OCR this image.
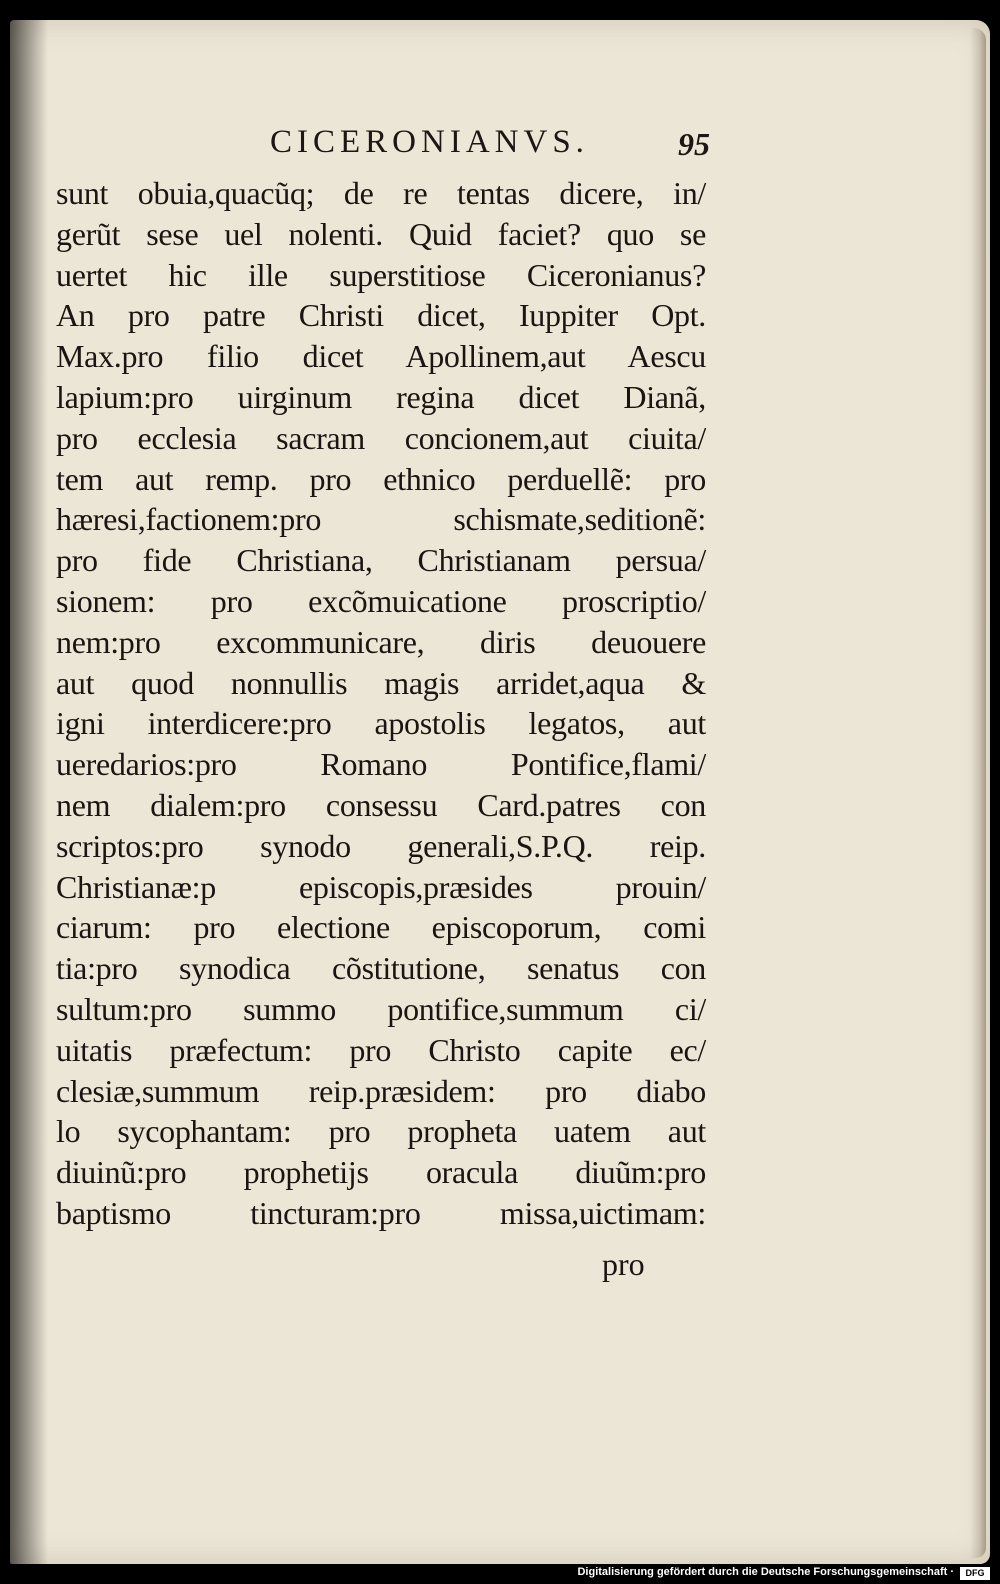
CICERONIANVS.	95
sunt obuia,quacũq; de re tentas dicere, in/
gerũt sese uel nolenti. Quid faciet? quo se
uertet hic ille superstitiose Ciceronianus?
An pro patre Christi dicet, Iuppiter Opt.
Max.pro filio dicet Apollinem,aut Aescu
lapium:pro uirginum regina dicet Dianã,
pro ecclesia sacram concionem,aut ciuita/
tem aut remp. pro ethnico perduellẽ: pro
hæresi,factionem:pro schismate,seditionẽ:
pro fide Christiana, Christianam persua/
sionem: pro excõmuicatione proscriptio/
nem:pro excommunicare, diris deuouere
aut quod nonnullis magis arridet,aqua &
igni interdicere:pro apostolis legatos, aut
ueredarios:pro Romano Pontifice,flami/
nem dialem:pro consessu Card.patres con
scriptos:pro synodo generali,S.P.Q. reip.
Christianæ:p episcopis,præsides prouin/
ciarum: pro electione episcoporum, comi
tia:pro synodica cõstitutione, senatus con
sultum:pro summo pontifice,summum ci/
uitatis præfectum: pro Christo capite ec/
clesiæ,summum reip.præsidem: pro diabo
lo sycophantam: pro propheta uatem aut
diuinũ:pro prophetijs oracula diuũm:pro
baptismo tincturam:pro missa,uictimam:
pro
Digitalisierung gefördert durch die Deutsche Forschungsgemeinschaft ·	DFG
